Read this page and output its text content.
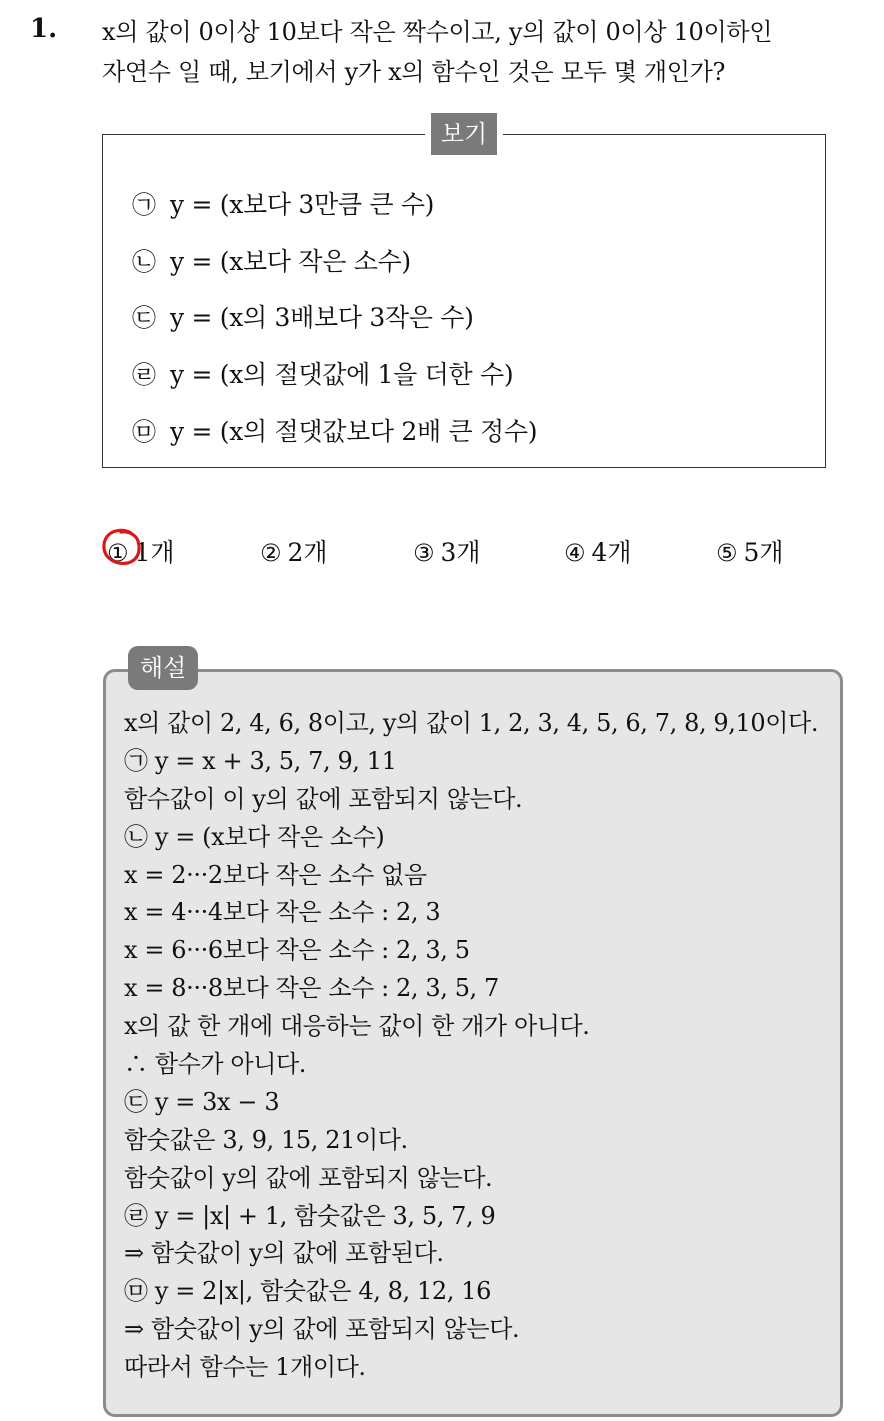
1. x의 값이 0이상 10보다 작은 짝수이고, y의 값이 0이상 10이하인
자연수 일 때, 보기에서 y가 x의 함수인 것은 모두 몇 개인가?
보기
㉠ y = (x보다 3만큼 큰 수)
㉡ y = (x보다 작은 소수)
㉢ y = (x의 3배보다 3작은 수)
㉣ y = (x의 절댓값에 1을 더한 수)
㉤ y = (x의 절댓값보다 2배 큰 정수)
① 1개	② 2개	③ 3개	④ 4개	⑤ 5개
해설
x의 값이 2, 4, 6, 8이고, y의 값이 1, 2, 3, 4, 5, 6, 7, 8, 9,10이다.
㉠ y = x + 3, 5, 7, 9, 11
함수값이 이 y의 값에 포함되지 않는다.
㉡ y = (x보다 작은 소수)
x = 2···2보다 작은 소수 없음
x = 4···4보다 작은 소수 : 2, 3
x = 6···6보다 작은 소수 : 2, 3, 5
x = 8···8보다 작은 소수 : 2, 3, 5, 7
x의 값 한 개에 대응하는 값이 한 개가 아니다.
∴ 함수가 아니다.
㉢ y = 3x − 3
함숫값은 3, 9, 15, 21이다.
함숫값이 y의 값에 포함되지 않는다.
㉣ y = |x| + 1, 함숫값은 3, 5, 7, 9
⇒ 함숫값이 y의 값에 포함된다.
㉤ y = 2|x|, 함숫값은 4, 8, 12, 16
⇒ 함숫값이 y의 값에 포함되지 않는다.
따라서 함수는 1개이다.
